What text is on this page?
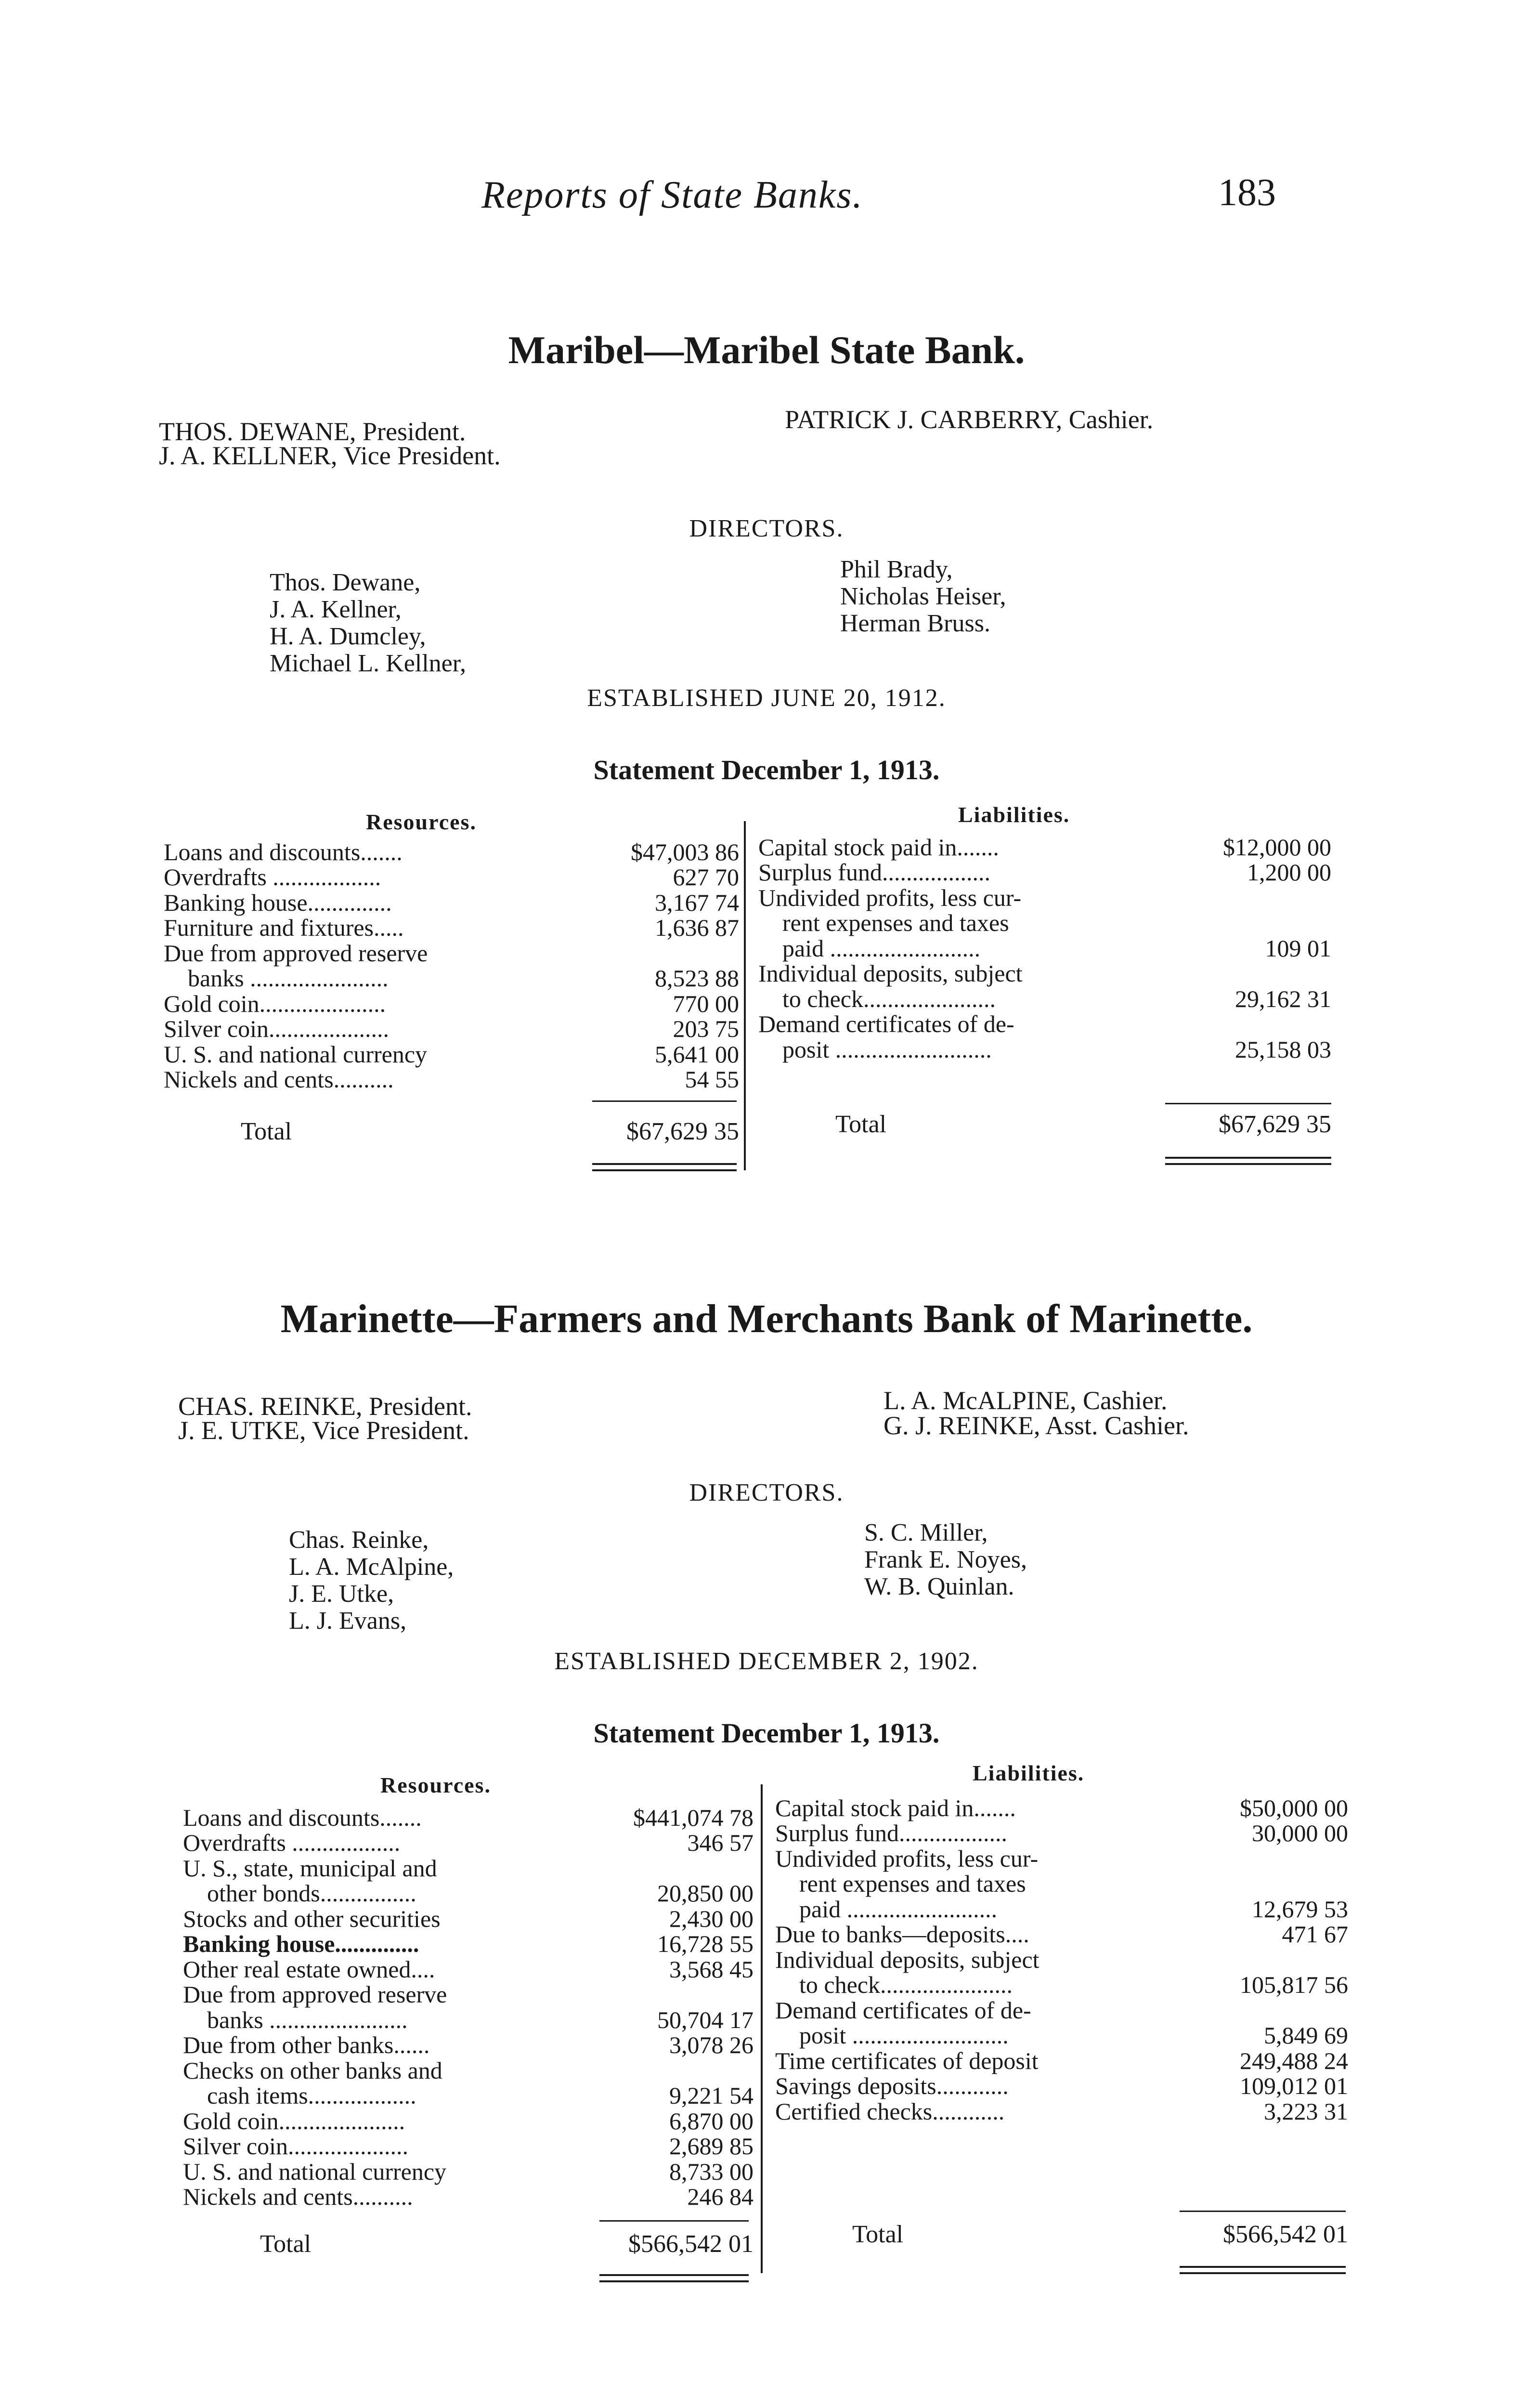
Reports of State Banks.	183
Maribel—Maribel State Bank.
THOS. DEWANE, President.
J. A. KELLNER, Vice President.
PATRICK J. CARBERRY, Cashier.
DIRECTORS.
Thos. Dewane,
J. A. Kellner,
H. A. Dumcley,
Michael L. Kellner,
Phil Brady,
Nicholas Heiser,
Herman Bruss.
ESTABLISHED JUNE 20, 1912.
Statement December 1, 1913.
Resources.	Liabilities.
Loans and discounts.......	$47,003 86
Overdrafts ..................	627 70
Banking house..............	3,167 74
Furniture and fixtures.....	1,636 87
Due from approved reserve
banks .......................	8,523 88
Gold coin.....................	770 00
Silver coin....................	203 75
U. S. and national currency	5,641 00
Nickels and cents..........	54 55
Capital stock paid in.......	$12,000 00
Surplus fund..................	1,200 00
Undivided profits, less cur-
rent expenses and taxes
paid .........................	109 01
Individual deposits, subject
to check......................	29,162 31
Demand certificates of de-
posit ..........................	25,158 03
Total	$67,629 35	Total	$67,629 35
Marinette—Farmers and Merchants Bank of Marinette.
CHAS. REINKE, President.
J. E. UTKE, Vice President.
L. A. McALPINE, Cashier.
G. J. REINKE, Asst. Cashier.
DIRECTORS.
Chas. Reinke,
L. A. McAlpine,
J. E. Utke,
L. J. Evans,
S. C. Miller,
Frank E. Noyes,
W. B. Quinlan.
ESTABLISHED DECEMBER 2, 1902.
Statement December 1, 1913.
Resources.	Liabilities.
Loans and discounts.......	$441,074 78
Overdrafts ..................	346 57
U. S., state, municipal and
other bonds................	20,850 00
Stocks and other securities	2,430 00
Banking house..............	16,728 55
Other real estate owned....	3,568 45
Due from approved reserve
banks .......................	50,704 17
Due from other banks......	3,078 26
Checks on other banks and
cash items..................	9,221 54
Gold coin.....................	6,870 00
Silver coin....................	2,689 85
U. S. and national currency	8,733 00
Nickels and cents..........	246 84
Capital stock paid in.......	$50,000 00
Surplus fund..................	30,000 00
Undivided profits, less cur-
rent expenses and taxes
paid .........................	12,679 53
Due to banks—deposits....	471 67
Individual deposits, subject
to check......................	105,817 56
Demand certificates of de-
posit ..........................	5,849 69
Time certificates of deposit	249,488 24
Savings deposits............	109,012 01
Certified checks............	3,223 31
Total	$566,542 01	Total	$566,542 01
